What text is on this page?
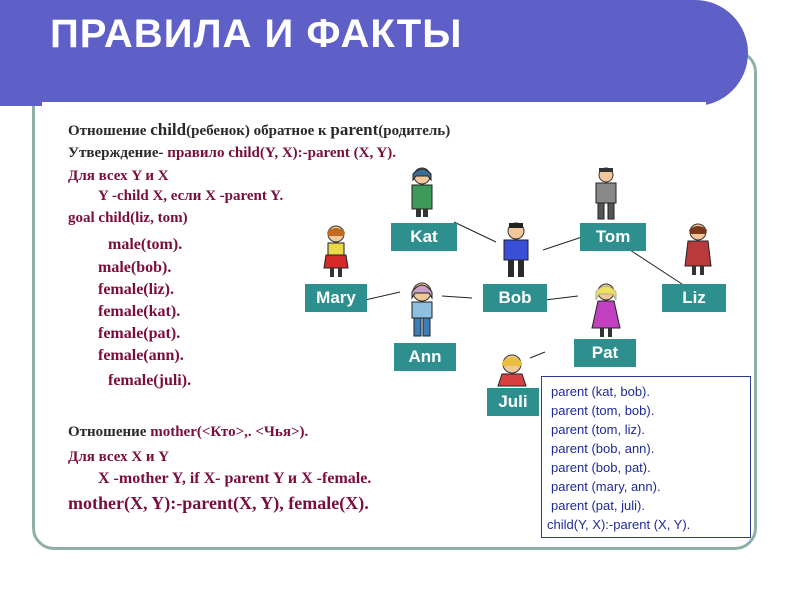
ПРАВИЛА И ФАКТЫ
Отношение child(ребенок) обратное к parent(родитель)
Утверждение- правило child(Y, X):-parent (X, Y).
Для всех Y и X
Y -child X, если X -parent Y.
goal child(liz, tom)
male(tom).
male(bob).
female(liz).
female(kat).
female(pat).
female(ann).
female(juli).
Отношение mother(<Кто>,. <Чья>).
Для всех X и Y
X -mother Y, if X- parent Y и X -female.
mother(X, Y):-parent(X, Y), female(X).
Kat	Tom
Mary	Bob	Liz
Ann	Pat
Juli
parent (kat, bob).
parent (tom, bob).
parent (tom, liz).
parent (bob, ann).
parent (bob, pat).
parent (mary, ann).
parent (pat, juli).
child(Y, X):-parent (X, Y).
